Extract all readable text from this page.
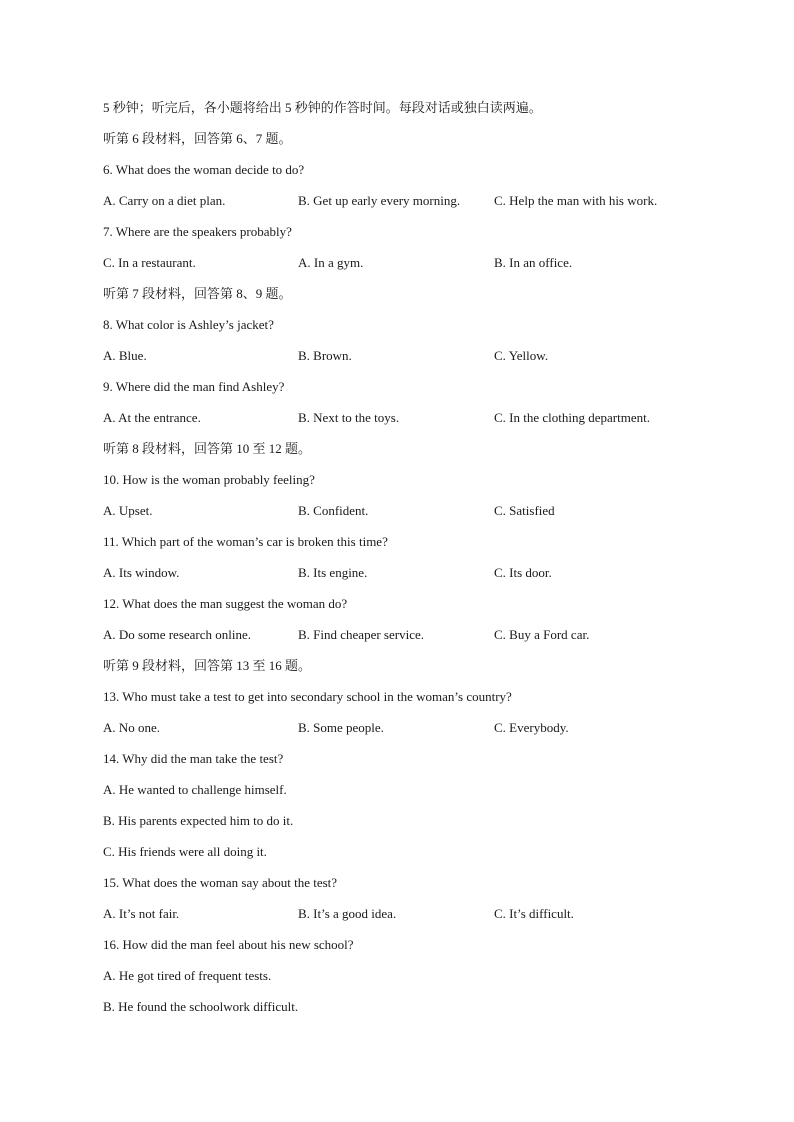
5 秒钟；听完后，各小题将给出 5 秒钟的作答时间。每段对话或独白读两遍。
听第 6 段材料，回答第 6、7 题。
6. What does the woman decide to do?
A. Carry on a diet plan.	B. Get up early every morning.	C. Help the man with his work.
7. Where are the speakers probably?
C. In a restaurant.	A. In a gym.	B. In an office.
听第 7 段材料，回答第 8、9 题。
8. What color is Ashley’s jacket?
A. Blue.	B. Brown.	C. Yellow.
9. Where did the man find Ashley?
A. At the entrance.	B. Next to the toys.	C. In the clothing department.
听第 8 段材料，回答第 10 至 12 题。
10. How is the woman probably feeling?
A. Upset.	B. Confident.	C. Satisfied
11. Which part of the woman’s car is broken this time?
A. Its window.	B. Its engine.	C. Its door.
12. What does the man suggest the woman do?
A. Do some research online.	B. Find cheaper service.	C. Buy a Ford car.
听第 9 段材料，回答第 13 至 16 题。
13. Who must take a test to get into secondary school in the woman’s country?
A. No one.	B. Some people.	C. Everybody.
14. Why did the man take the test?
A. He wanted to challenge himself.
B. His parents expected him to do it.
C. His friends were all doing it.
15. What does the woman say about the test?
A. It’s not fair.	B. It’s a good idea.	C. It’s difficult.
16. How did the man feel about his new school?
A. He got tired of frequent tests.
B. He found the schoolwork difficult.
